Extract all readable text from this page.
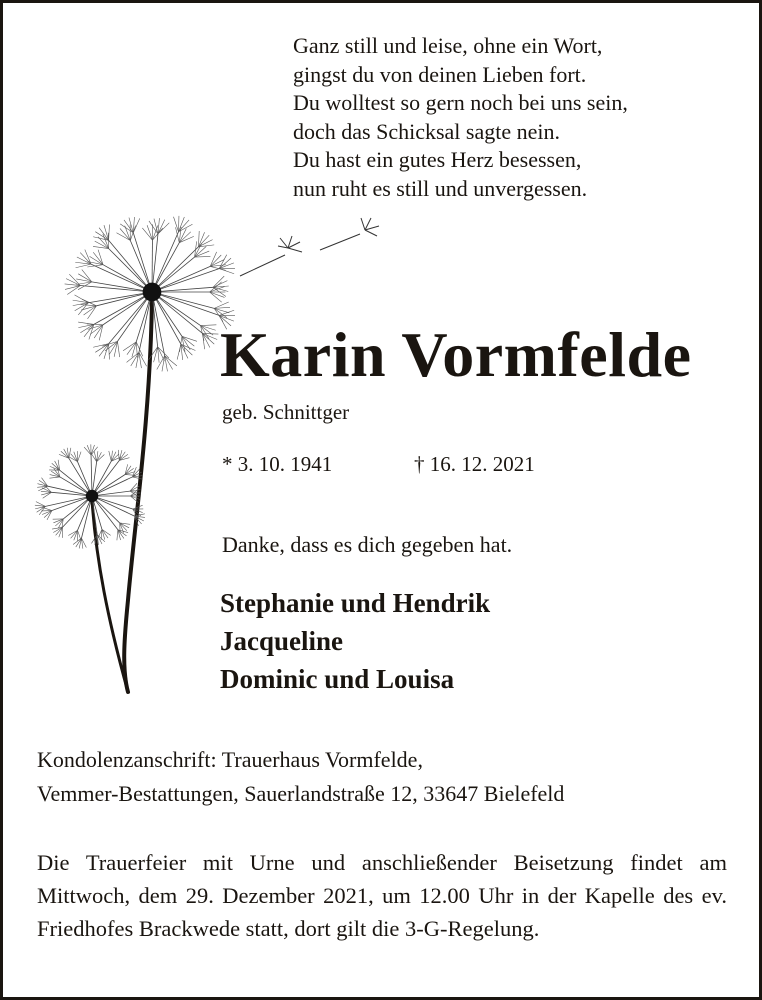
Ganz still und leise, ohne ein Wort,
gingst du von deinen Lieben fort.
Du wolltest so gern noch bei uns sein,
doch das Schicksal sagte nein.
Du hast ein gutes Herz besessen,
nun ruht es still und unvergessen.
Karin Vormfelde
geb. Schnittger
* 3. 10. 1941	† 16. 12. 2021
Danke, dass es dich gegeben hat.
Stephanie und Hendrik
Jacqueline
Dominic und Louisa
Kondolenzanschrift: Trauerhaus Vormfelde,
Vemmer-Bestattungen, Sauerlandstraße 12, 33647 Bielefeld
Die Trauerfeier mit Urne und anschließender Beisetzung findet am Mittwoch, dem 29. Dezember 2021, um 12.00 Uhr in der Kapelle des ev. Friedhofes Brackwede statt, dort gilt die 3-G-Regelung.
